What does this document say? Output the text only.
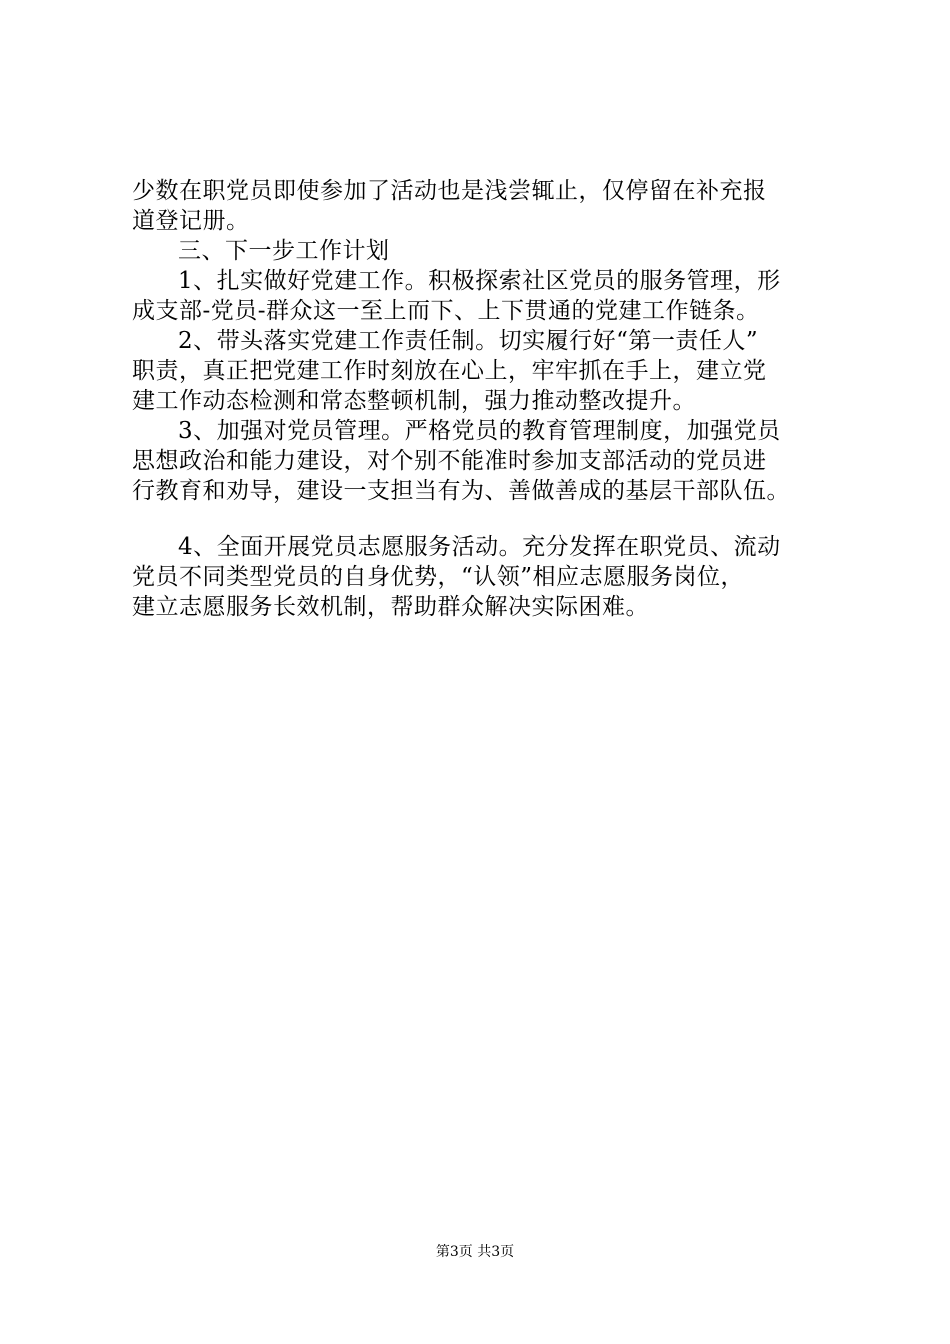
少数在职党员即使参加了活动也是浅尝辄止，仅停留在补充报
道登记册。
三、下一步工作计划
1、扎实做好党建工作。积极探索社区党员的服务管理，形
成支部-党员-群众这一至上而下、上下贯通的党建工作链条。
2、带头落实党建工作责任制。切实履行好“第一责任人”
职责，真正把党建工作时刻放在心上，牢牢抓在手上，建立党
建工作动态检测和常态整顿机制，强力推动整改提升。
3、加强对党员管理。严格党员的教育管理制度，加强党员
思想政治和能力建设，对个别不能准时参加支部活动的党员进
行教育和劝导，建设一支担当有为、善做善成的基层干部队伍。
4、全面开展党员志愿服务活动。充分发挥在职党员、流动
党员不同类型党员的自身优势，“认领”相应志愿服务岗位，
建立志愿服务长效机制，帮助群众解决实际困难。
第3页 共3页
